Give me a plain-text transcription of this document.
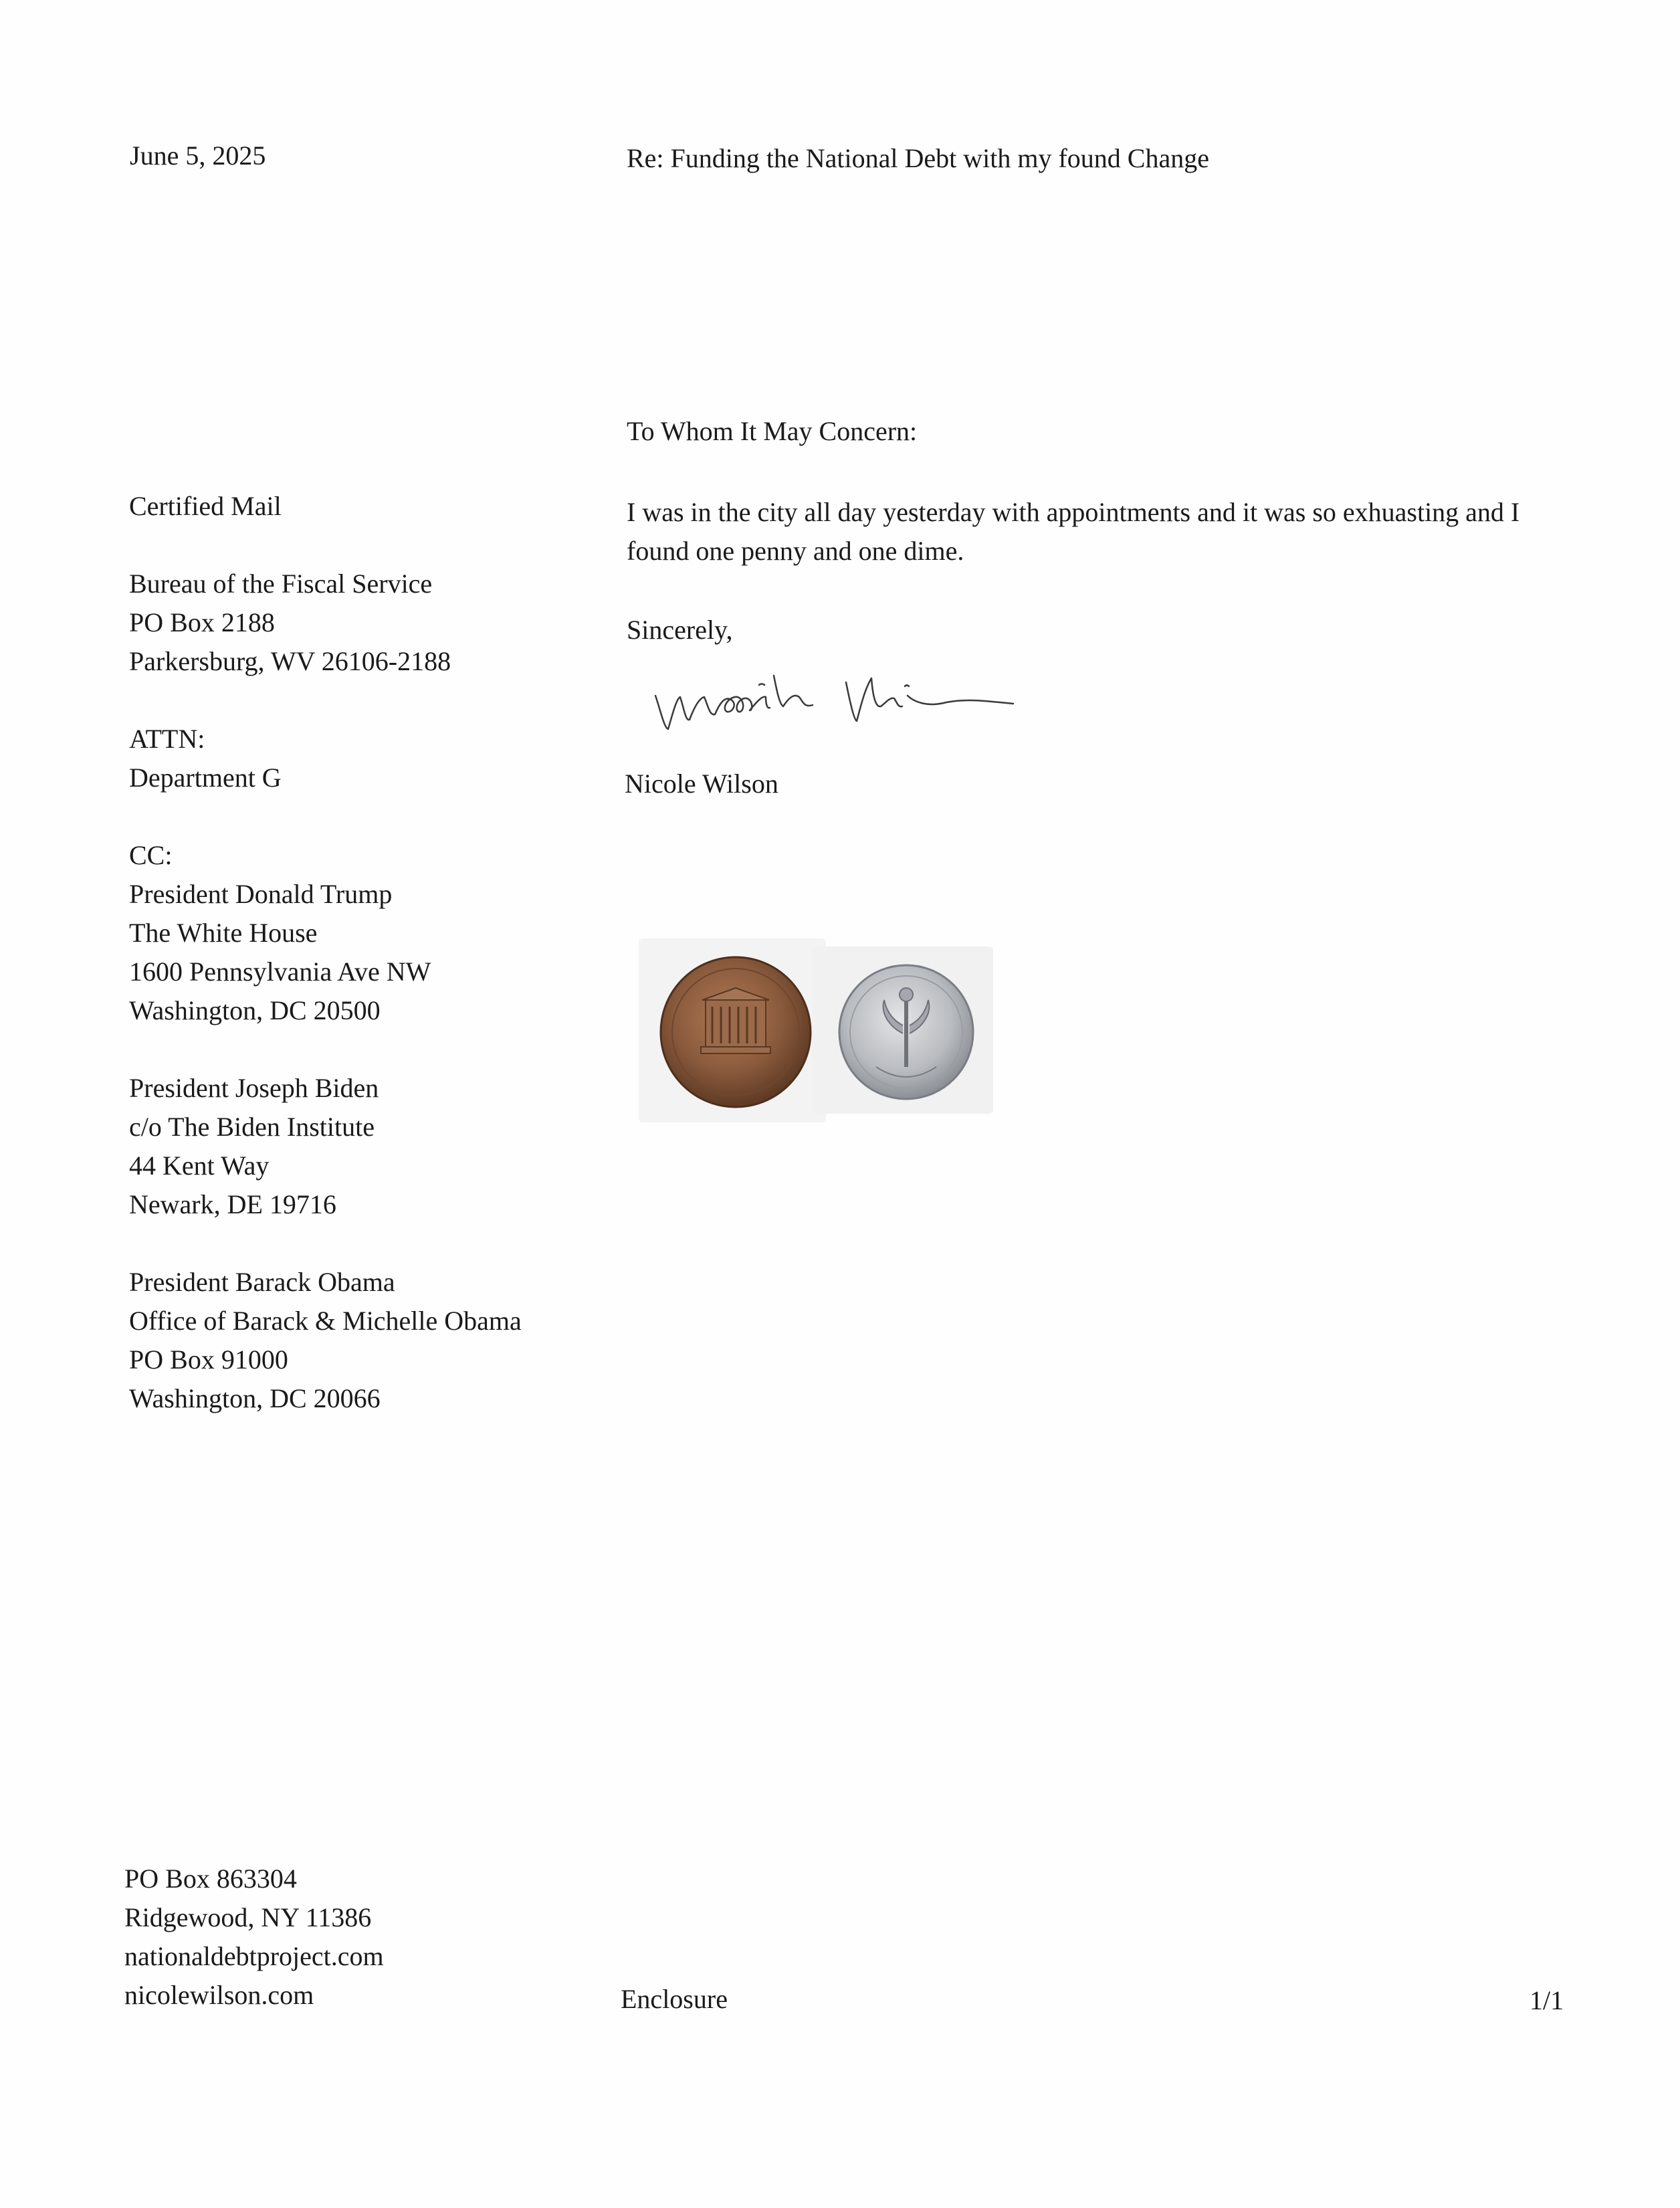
June 5, 2025	Re: Funding the National Debt with my found Change
To Whom It May Concern:
I was in the city all day yesterday with appointments and it was so exhuasting and I
found one penny and one dime.
Sincerely,
Nicole Wilson
Certified Mail
Bureau of the Fiscal Service
PO Box 2188
Parkersburg, WV 26106-2188
ATTN:
Department G
CC:
President Donald Trump
The White House
1600 Pennsylvania Ave NW
Washington, DC 20500
President Joseph Biden
c/o The Biden Institute
44 Kent Way
Newark, DE 19716
President Barack Obama
Office of Barack & Michelle Obama
PO Box 91000
Washington, DC 20066
PO Box 863304
Ridgewood, NY 11386
nationaldebtproject.com
nicolewilson.com	Enclosure	1/1
